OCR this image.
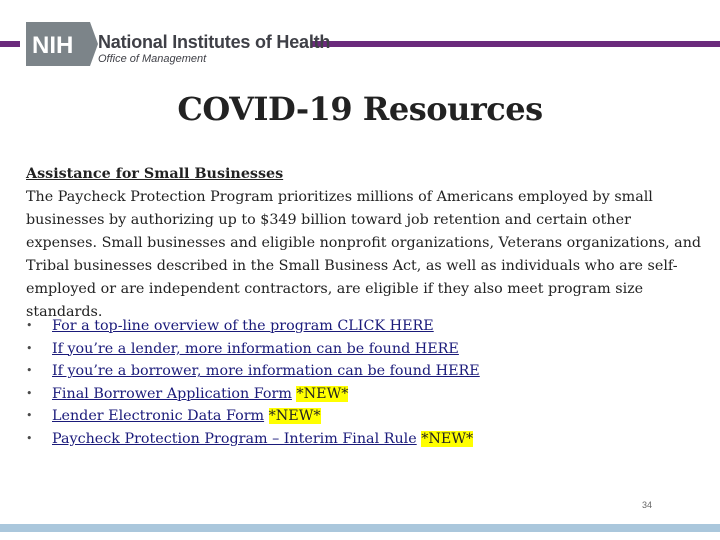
NIH National Institutes of Health
Office of Management
COVID-19 Resources
Assistance for Small Businesses
The Paycheck Protection Program prioritizes millions of Americans employed by small businesses by authorizing up to $349 billion toward job retention and certain other expenses. Small businesses and eligible nonprofit organizations, Veterans organizations, and Tribal businesses described in the Small Business Act, as well as individuals who are self-employed or are independent contractors, are eligible if they also meet program size standards.
• For a top-line overview of the program CLICK HERE
• If you’re a lender, more information can be found HERE
• If you’re a borrower, more information can be found HERE
• Final Borrower Application Form *NEW*
• Lender Electronic Data Form *NEW*
• Paycheck Protection Program – Interim Final Rule *NEW*
34
